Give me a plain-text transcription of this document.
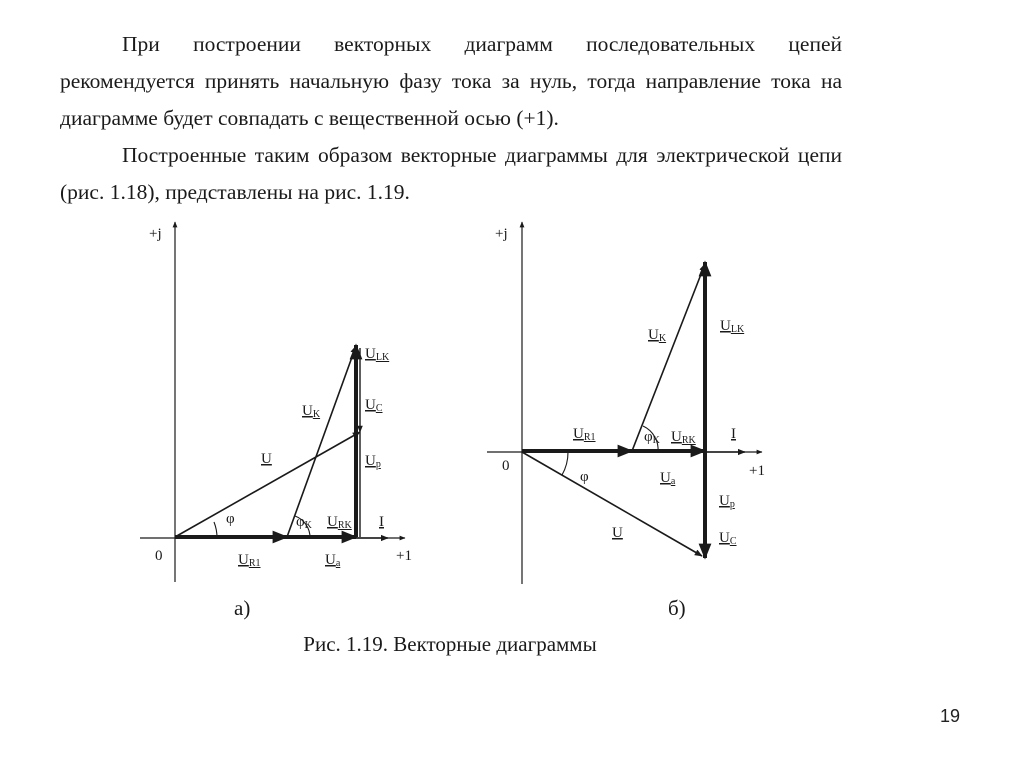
При построении векторных диаграмм последовательных цепей рекомендуется принять начальную фазу тока за нуль, тогда направление тока на диаграмме будет совпадать с вещественной осью (+1).

Построенные таким образом векторные диаграммы для электрической цепи (рис. 1.18), представлены на рис. 1.19.

+j
+1
0
U
φ
UK
ULK
UC
Up
φK URK I
UR1	Ua
+j
+1
0
UR1	φK URK I
UK
ULK
φ	Ua
Up
U	UC
а)	б)
Рис. 1.19. Векторные диаграммы
19
